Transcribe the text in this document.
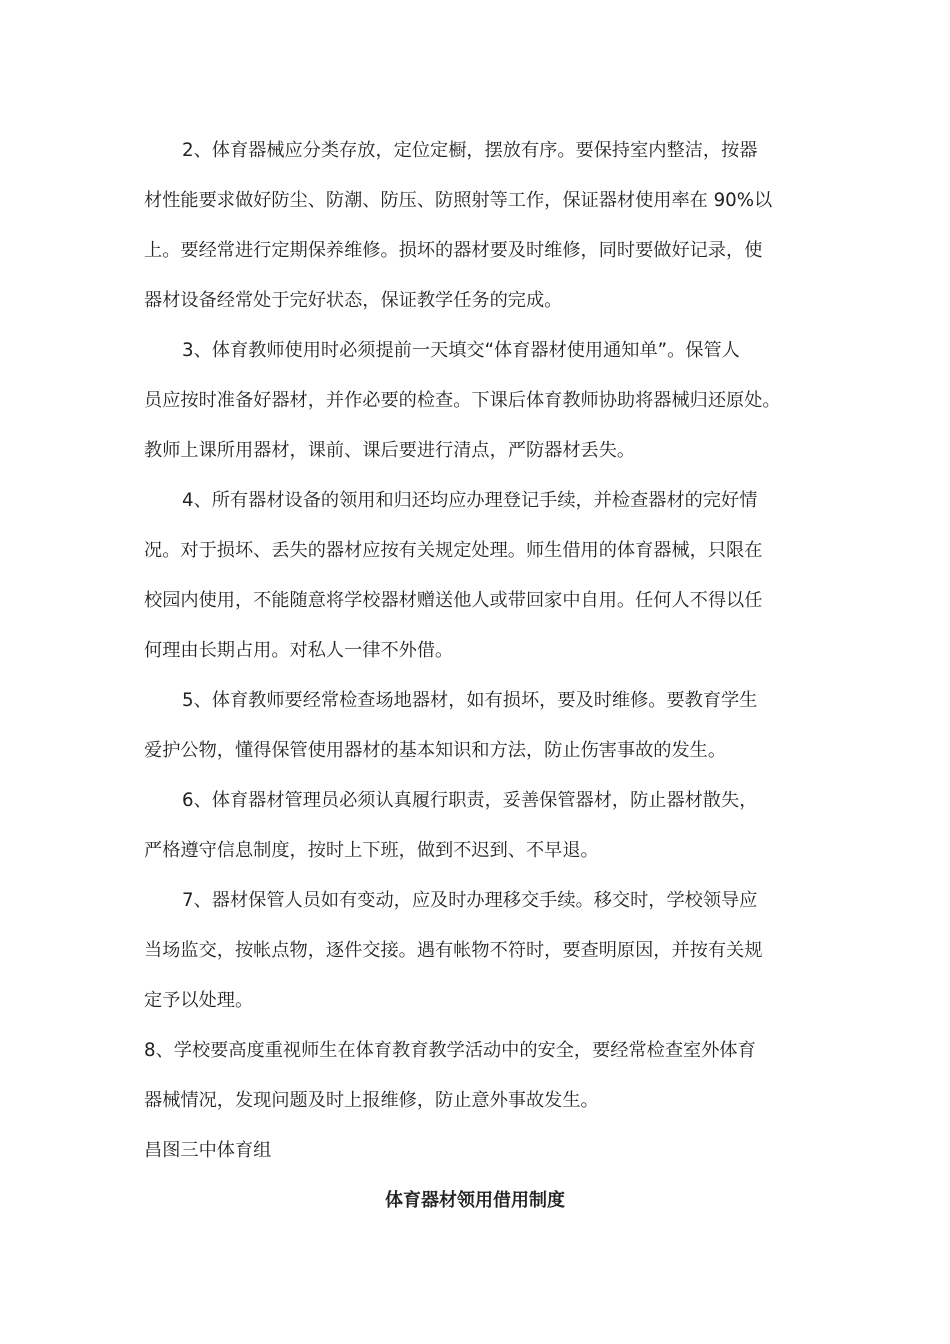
2、体育器械应分类存放，定位定橱，摆放有序。要保持室内整洁，按器
材性能要求做好防尘、防潮、防压、防照射等工作，保证器材使用率在 90%以
上。要经常进行定期保养维修。损坏的器材要及时维修，同时要做好记录，使
器材设备经常处于完好状态，保证教学任务的完成。
3、体育教师使用时必须提前一天填交“体育器材使用通知单”。保管人
员应按时准备好器材，并作必要的检查。下课后体育教师协助将器械归还原处。
教师上课所用器材，课前、课后要进行清点，严防器材丢失。
4、所有器材设备的领用和归还均应办理登记手续，并检查器材的完好情
况。对于损坏、丢失的器材应按有关规定处理。师生借用的体育器械，只限在
校园内使用，不能随意将学校器材赠送他人或带回家中自用。任何人不得以任
何理由长期占用。对私人一律不外借。
5、体育教师要经常检查场地器材，如有损坏，要及时维修。要教育学生
爱护公物，懂得保管使用器材的基本知识和方法，防止伤害事故的发生。
6、体育器材管理员必须认真履行职责，妥善保管器材，防止器材散失，
严格遵守信息制度，按时上下班，做到不迟到、不早退。
7、器材保管人员如有变动，应及时办理移交手续。移交时，学校领导应
当场监交，按帐点物，逐件交接。遇有帐物不符时，要查明原因，并按有关规
定予以处理。
8、学校要高度重视师生在体育教育教学活动中的安全，要经常检查室外体育
器械情况，发现问题及时上报维修，防止意外事故发生。
昌图三中体育组
体育器材领用借用制度
